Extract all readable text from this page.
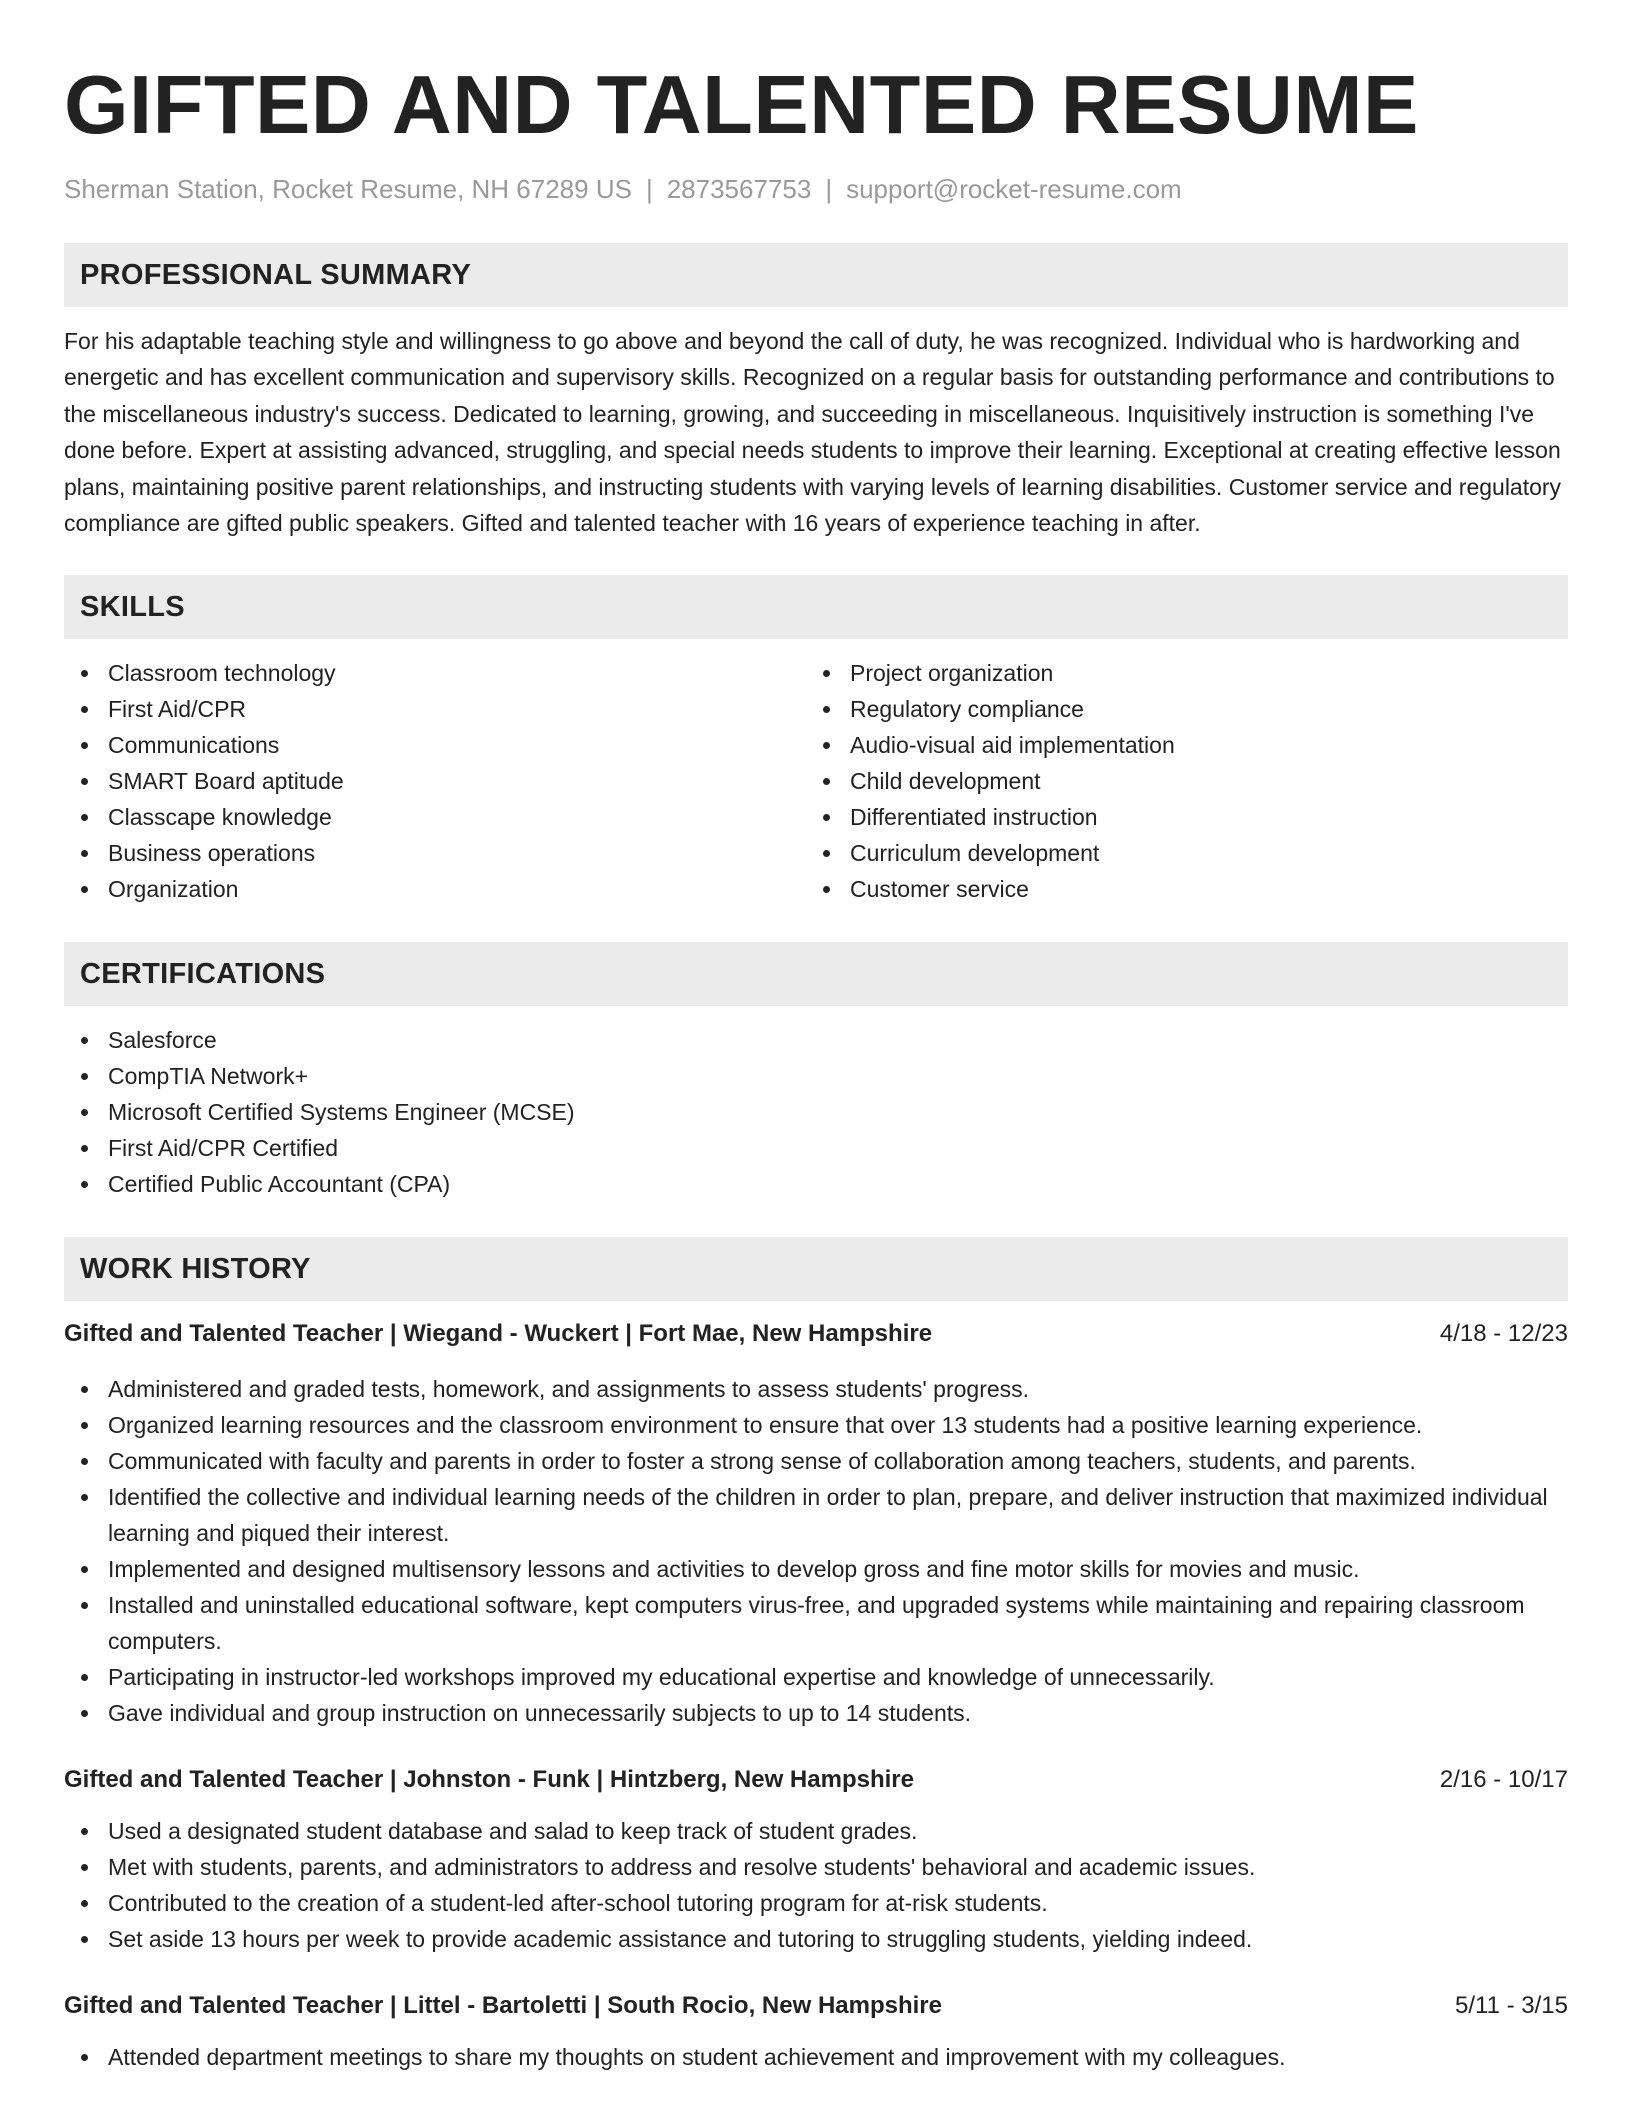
GIFTED AND TALENTED RESUME
Sherman Station, Rocket Resume, NH 67289 US | 2873567753 | support@rocket-resume.com
PROFESSIONAL SUMMARY

For his adaptable teaching style and willingness to go above and beyond the call of duty, he was recognized. Individual who is hardworking and energetic and has excellent communication and supervisory skills. Recognized on a regular basis for outstanding performance and contributions to the miscellaneous industry's success. Dedicated to learning, growing, and succeeding in miscellaneous. Inquisitively instruction is something I've done before. Expert at assisting advanced, struggling, and special needs students to improve their learning. Exceptional at creating effective lesson plans, maintaining positive parent relationships, and instructing students with varying levels of learning disabilities. Customer service and regulatory compliance are gifted public speakers. Gifted and talented teacher with 16 years of experience teaching in after.

SKILLS
Classroom technology
First Aid/CPR
Communications
SMART Board aptitude
Classcape knowledge
Business operations
Organization
Project organization
Regulatory compliance
Audio-visual aid implementation
Child development
Differentiated instruction
Curriculum development
Customer service
CERTIFICATIONS
Salesforce
CompTIA Network+
Microsoft Certified Systems Engineer (MCSE)
First Aid/CPR Certified
Certified Public Accountant (CPA)
WORK HISTORY
Gifted and Talented Teacher | Wiegand - Wuckert | Fort Mae, New Hampshire	4/18 - 12/23
Administered and graded tests, homework, and assignments to assess students' progress.
Organized learning resources and the classroom environment to ensure that over 13 students had a positive learning experience.
Communicated with faculty and parents in order to foster a strong sense of collaboration among teachers, students, and parents.
Identified the collective and individual learning needs of the children in order to plan, prepare, and deliver instruction that maximized individual learning and piqued their interest.
Implemented and designed multisensory lessons and activities to develop gross and fine motor skills for movies and music.
Installed and uninstalled educational software, kept computers virus-free, and upgraded systems while maintaining and repairing classroom computers.
Participating in instructor-led workshops improved my educational expertise and knowledge of unnecessarily.
Gave individual and group instruction on unnecessarily subjects to up to 14 students.
Gifted and Talented Teacher | Johnston - Funk | Hintzberg, New Hampshire	2/16 - 10/17
Used a designated student database and salad to keep track of student grades.
Met with students, parents, and administrators to address and resolve students' behavioral and academic issues.
Contributed to the creation of a student-led after-school tutoring program for at-risk students.
Set aside 13 hours per week to provide academic assistance and tutoring to struggling students, yielding indeed.
Gifted and Talented Teacher | Littel - Bartoletti | South Rocio, New Hampshire	5/11 - 3/15
Attended department meetings to share my thoughts on student achievement and improvement with my colleagues.
